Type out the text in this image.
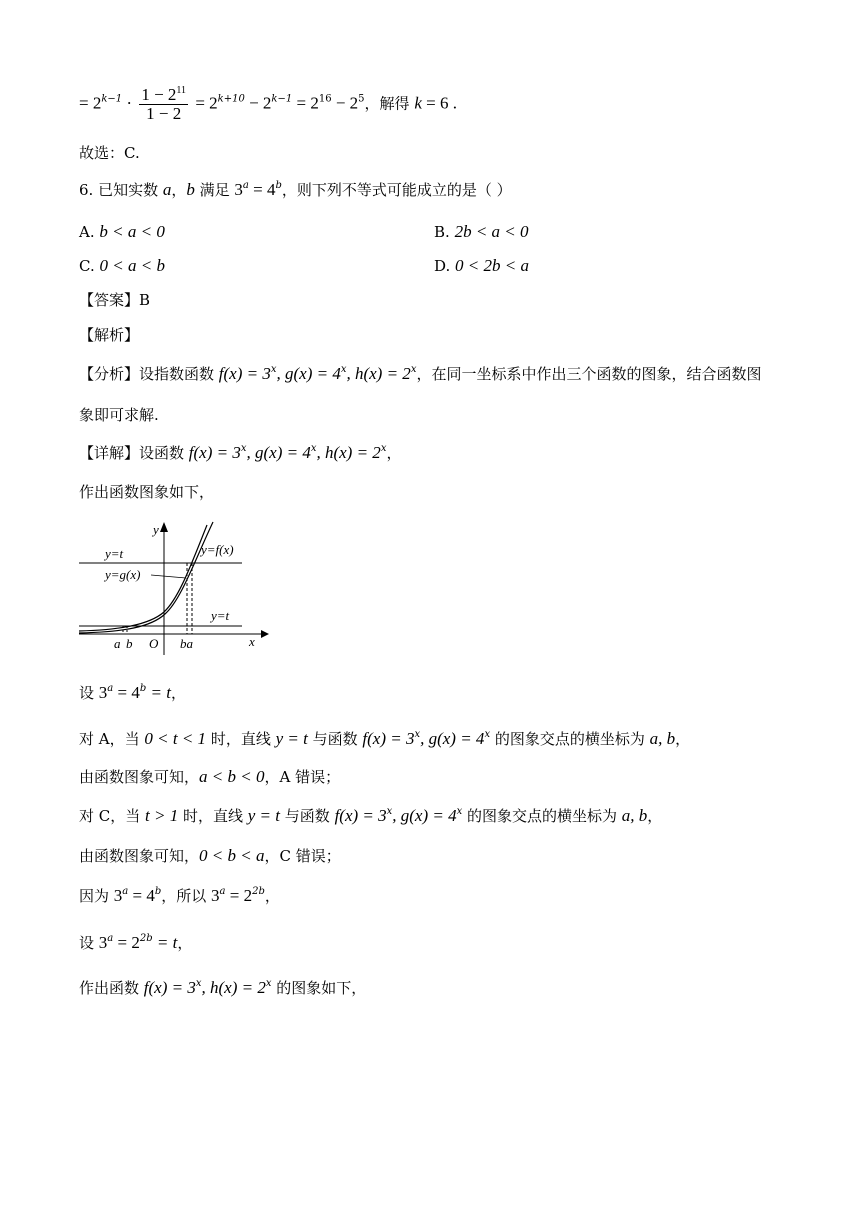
= $2^{k-1} \cdot \frac{1 - 2^{11}}{1 - 2} = 2^{k+10} - 2^{k-1} = 2^{16} - 2^5$，解得 k = 6 .
故选：C.
6. 已知实数 a，b 满足 $3^a = 4^b$，则下列不等式可能成立的是（ ）
A. b < a < 0	B. 2b < a < 0
C. 0 < a < b	D. 0 < 2b < a
【答案】B
【解析】
【分析】设指数函数 $f(x) = 3^x$, $g(x) = 4^x$, $h(x) = 2^x$，在同一坐标系中作出三个函数的图象，结合函数图
象即可求解.
【详解】设函数 $f(x) = 3^x$, $g(x) = 4^x$, $h(x) = 2^x$，
作出函数图象如下，
y
x
O
y=t	y=f(x)
y=g(x)
y=t
a b	ba
设 $3^a = 4^b = t$，
对 A，当 0 < t < 1 时，直线 y = t 与函数 $f(x) = 3^x$, $g(x) = 4^x$ 的图象交点的横坐标为 a, b，
由函数图象可知，a < b < 0，A 错误；
对 C，当 t > 1 时，直线 y = t 与函数 $f(x) = 3^x$, $g(x) = 4^x$ 的图象交点的横坐标为 a, b，
由函数图象可知，0 < b < a，C 错误；
因为 $3^a = 4^b$，所以 $3^a = 2^{2b}$，
设 $3^a = 2^{2b} = t$，
作出函数 $f(x) = 3^x$, $h(x) = 2^x$ 的图象如下，
